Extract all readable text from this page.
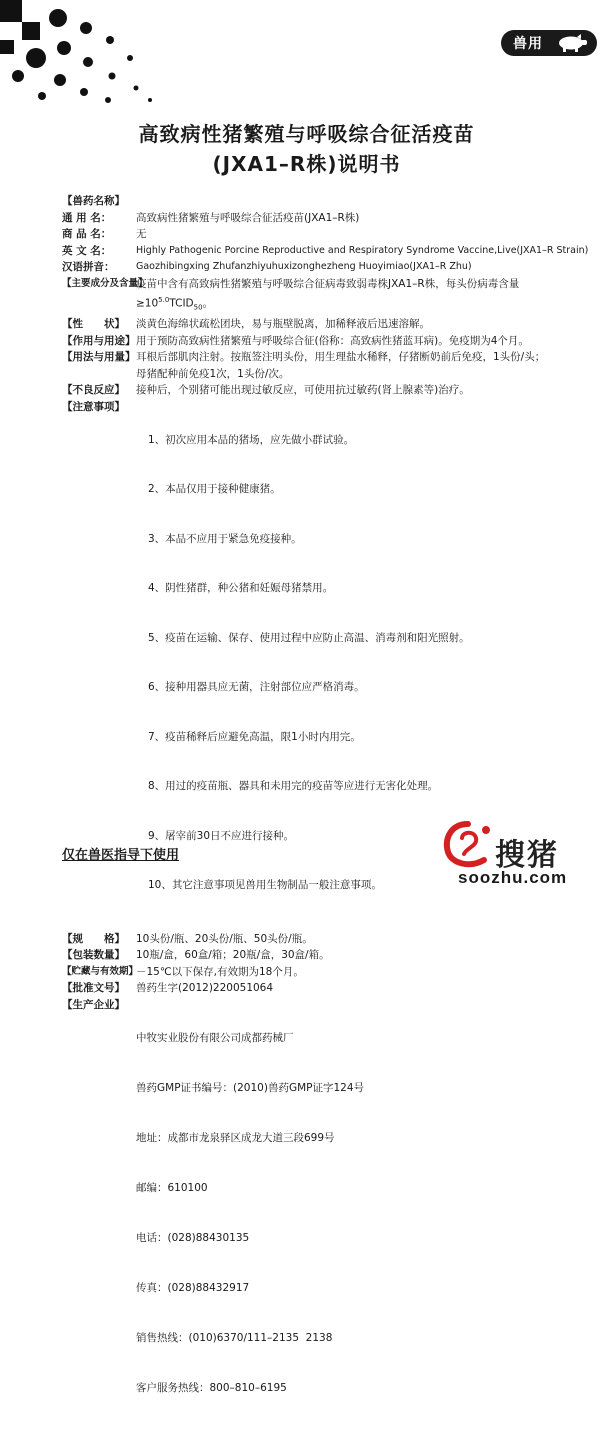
兽用
高致病性猪繁殖与呼吸综合征活疫苗
(JXA1–R株)说明书
【兽药名称】
通 用 名：	高致病性猪繁殖与呼吸综合征活疫苗(JXA1–R株)
商 品 名：	无
英 文 名：	Highly Pathogenic Porcine Reproductive and Respiratory Syndrome Vaccine,Live(JXA1–R Strain)
汉语拼音：	Gaozhibingxing Zhufanzhiyuhuxizonghezheng Huoyimiao(JXA1–R Zhu)
【主要成分及含量】
疫苗中含有高致病性猪繁殖与呼吸综合征病毒致弱毒株JXA1–R株，每头份病毒含量
$\ge 10^{5.0}TCID_{50}$。
【性　　状】	淡黄色海绵状疏松团块，易与瓶壁脱离，加稀释液后迅速溶解。
【作用与用途】 用于预防高致病性猪繁殖与呼吸综合征(俗称：高致病性猪蓝耳病)。免疫期为4个月。
【用法与用量】 耳根后部肌肉注射。按瓶签注明头份，用生理盐水稀释，仔猪断奶前后免疫，1头份/头；
母猪配种前免疫1次，1头份/次。
【不良反应】	接种后，个别猪可能出现过敏反应，可使用抗过敏药(肾上腺素等)治疗。
【注意事项】

1、初次应用本品的猪场，应先做小群试验。

2、本品仅用于接种健康猪。

3、本品不应用于紧急免疫接种。

4、阴性猪群，种公猪和妊娠母猪禁用。

5、疫苗在运输、保存、使用过程中应防止高温、消毒剂和阳光照射。

6、接种用器具应无菌，注射部位应严格消毒。

7、疫苗稀释后应避免高温，限1小时内用完。

8、用过的疫苗瓶、器具和未用完的疫苗等应进行无害化处理。

9、屠宰前30日不应进行接种。

10、其它注意事项见兽用生物制品一般注意事项。

【规　　格】	10头份/瓶、20头份/瓶、50头份/瓶。
【包装数量】	10瓶/盒，60盒/箱；20瓶/盒，30盒/箱。
【贮藏与有效期】
－15℃以下保存,有效期为18个月。
【批准文号】	兽药生字(2012)220051064
【生产企业】

中牧实业股份有限公司成都药械厂

兽药GMP证书编号：(2010)兽药GMP证字124号

地址：成都市龙泉驿区成龙大道三段699号

邮编：610100

电话：(028)88430135

传真：(028)88432917

销售热线：(010)6370/111–2135  2138

客户服务热线：800–810–6195

仅在兽医指导下使用	搜猪
soozhu.com
